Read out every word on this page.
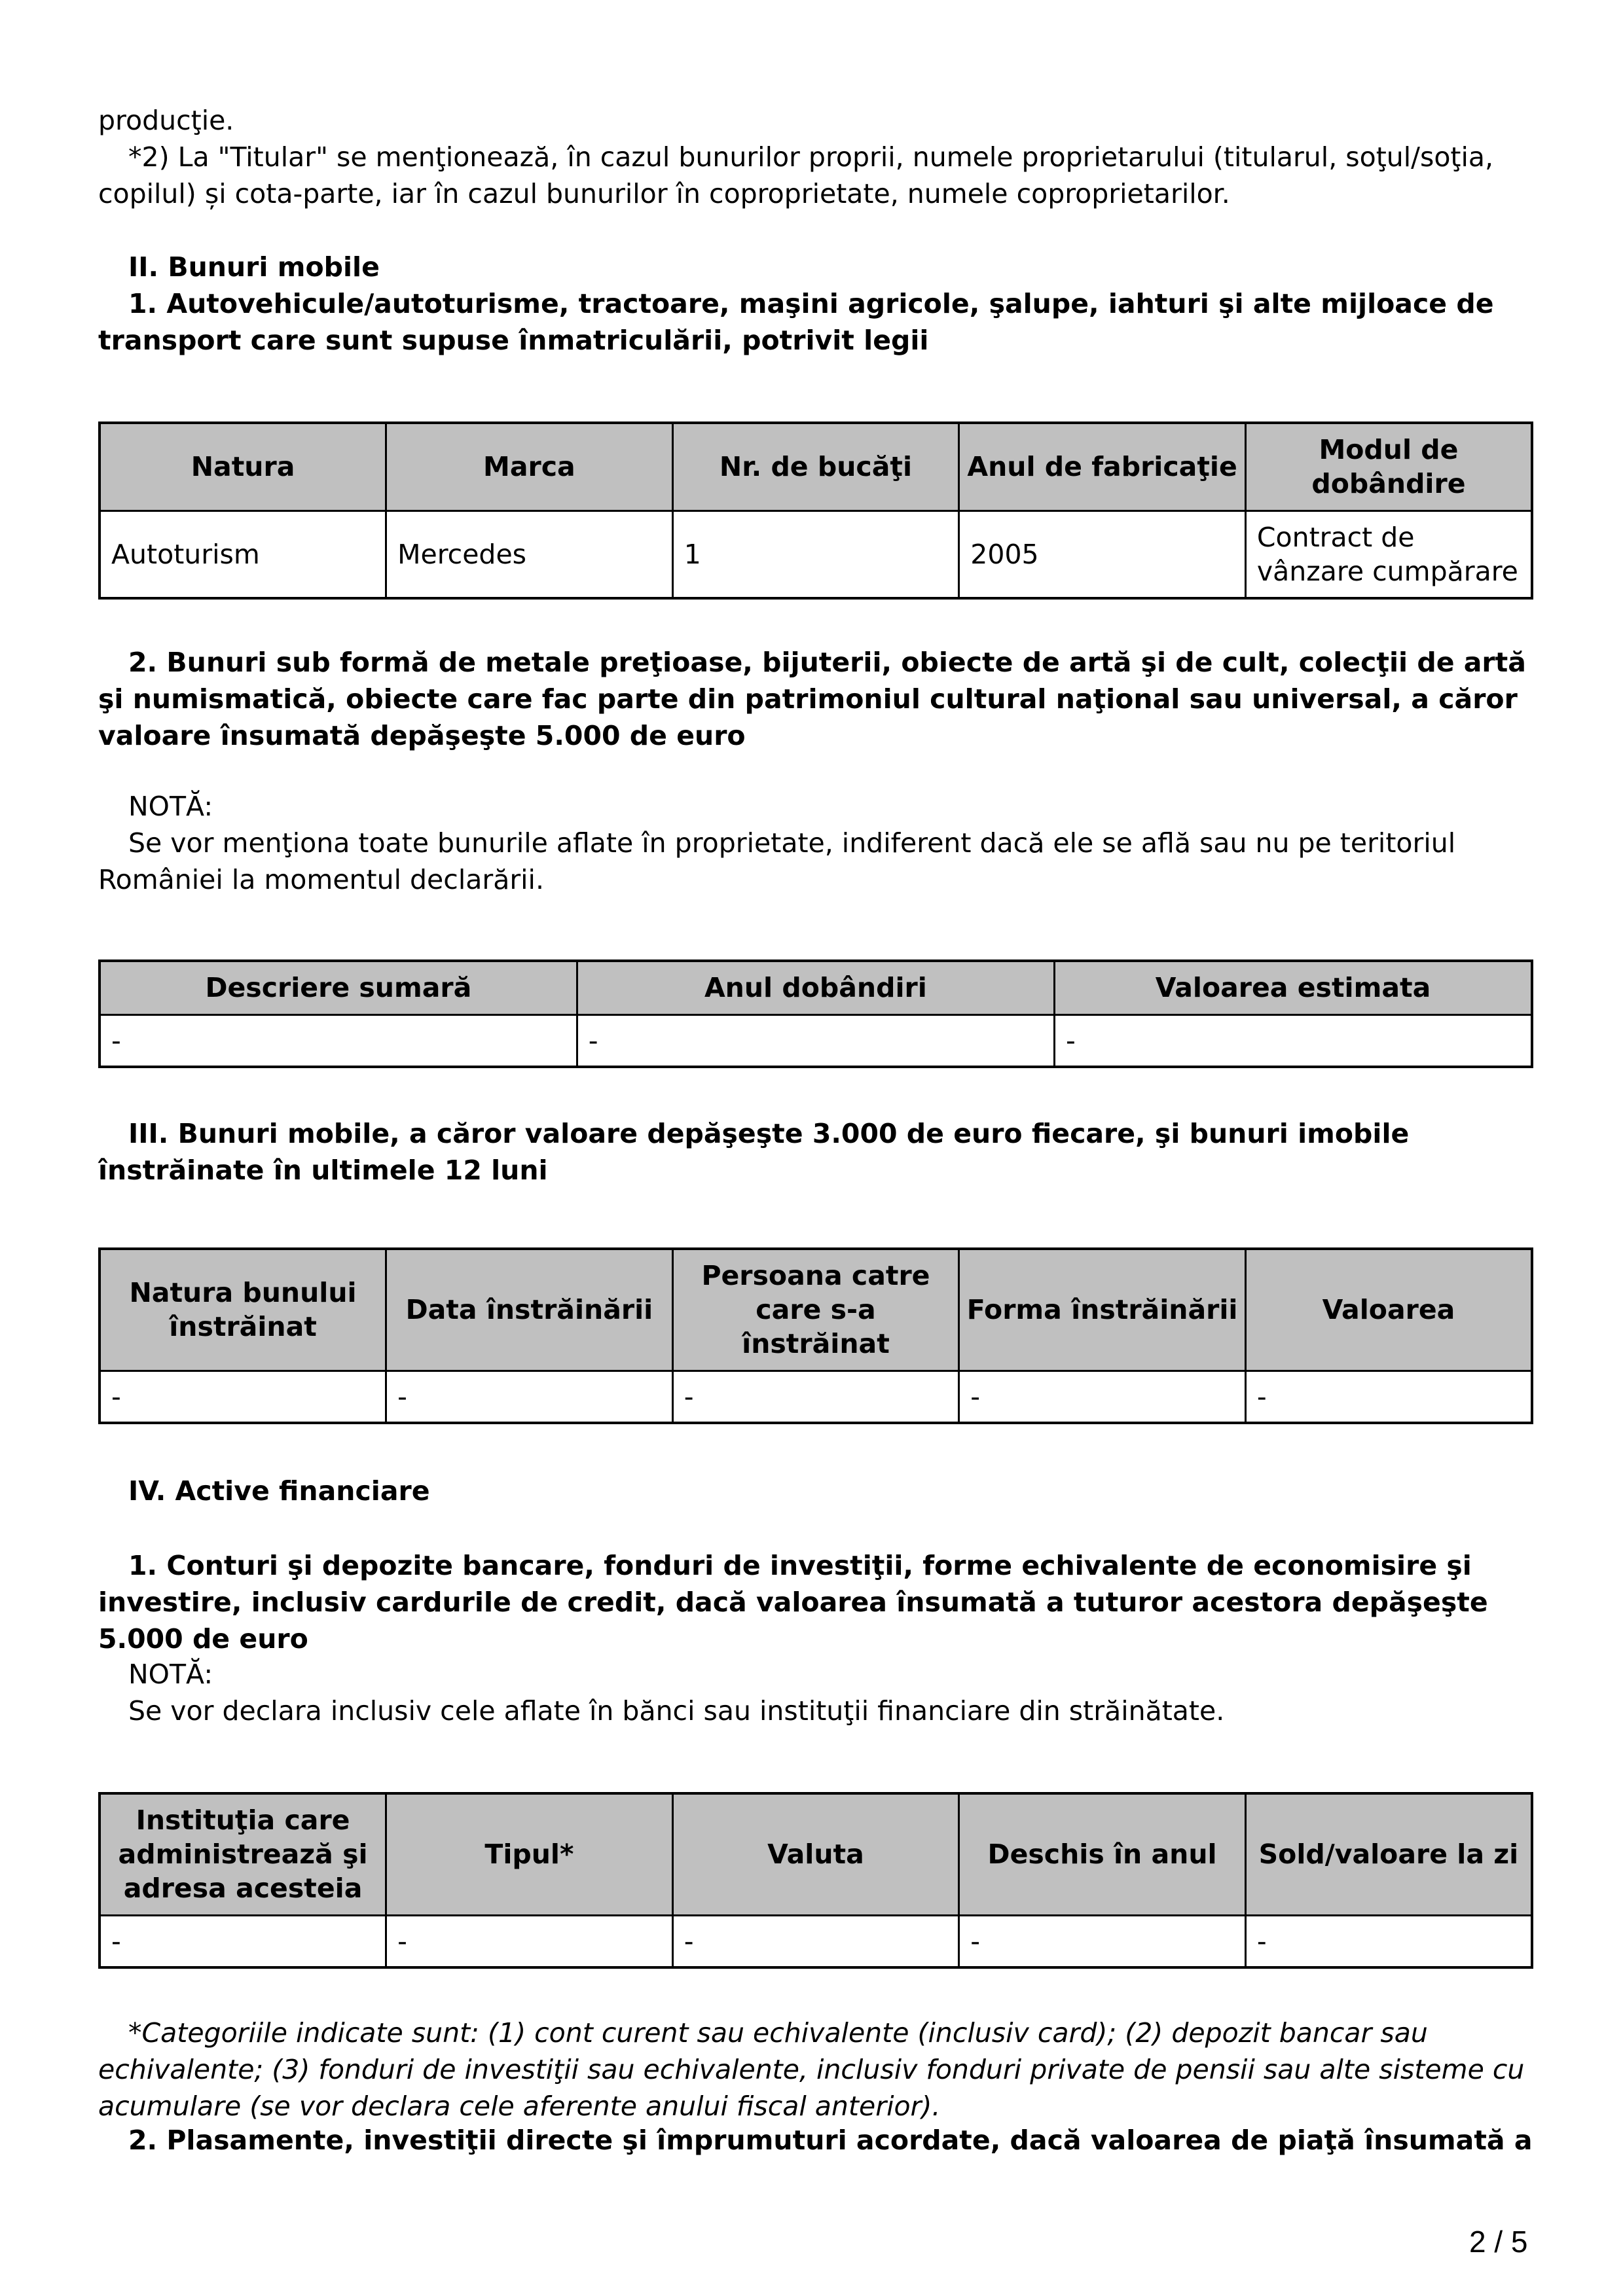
producţie.

*2) La "Titular" se menţionează, în cazul bunurilor proprii, numele proprietarului (titularul, soţul/soţia, copilul) și cota-parte, iar în cazul bunurilor în coproprietate, numele coproprietarilor.

II. Bunuri mobile

1. Autovehicule/autoturisme, tractoare, maşini agricole, şalupe, iahturi şi alte mijloace de transport care sunt supuse înmatriculării, potrivit legii

Natura	Marca	Nr. de bucăţi	Anul de fabricaţie	Modul de dobândire
Autoturism	Mercedes	1	2005	Contract de vânzare cumpărare

2. Bunuri sub formă de metale preţioase, bijuterii, obiecte de artă şi de cult, colecţii de artă şi numismatică, obiecte care fac parte din patrimoniul cultural naţional sau universal, a căror valoare însumată depăşeşte 5.000 de euro

NOTĂ:

Se vor menţiona toate bunurile aflate în proprietate, indiferent dacă ele se află sau nu pe teritoriul României la momentul declarării.

Descriere sumară	Anul dobândiri	Valoarea estimata
-	-	-

III. Bunuri mobile, a căror valoare depăşeşte 3.000 de euro fiecare, şi bunuri imobile înstrăinate în ultimele 12 luni

Natura bunului înstrăinat	Data înstrăinării	Persoana catre care s-a înstrăinat	Forma înstrăinării	Valoarea
-	-	-	-	-

IV. Active financiare

1. Conturi şi depozite bancare, fonduri de investiţii, forme echivalente de economisire şi investire, inclusiv cardurile de credit, dacă valoarea însumată a tuturor acestora depăşeşte 5.000 de euro

NOTĂ:

Se vor declara inclusiv cele aflate în bănci sau instituţii financiare din străinătate.

Instituţia care administrează şi adresa acesteia	Tipul*	Valuta	Deschis în anul	Sold/valoare la zi
-	-	-	-	-

*Categoriile indicate sunt: (1) cont curent sau echivalente (inclusiv card); (2) depozit bancar sau echivalente; (3) fonduri de investiţii sau echivalente, inclusiv fonduri private de pensii sau alte sisteme cu acumulare (se vor declara cele aferente anului fiscal anterior).

2. Plasamente, investiţii directe şi împrumuturi acordate, dacă valoarea de piaţă însumată a

2 / 5
